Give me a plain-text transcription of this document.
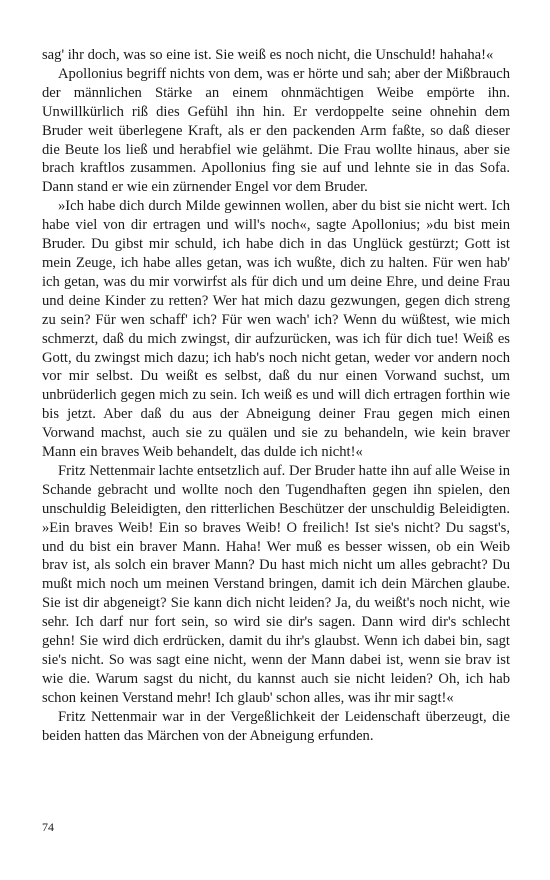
sag' ihr doch, was so eine ist. Sie weiß es noch nicht, die Unschuld! hahaha!«

Apollonius begriff nichts von dem, was er hörte und sah; aber der Mißbrauch der männlichen Stärke an einem ohnmächtigen Weibe empörte ihn. Unwillkürlich riß dies Gefühl ihn hin. Er verdoppelte seine ohnehin dem Bruder weit überlegene Kraft, als er den packenden Arm faßte, so daß dieser die Beute los ließ und herabfiel wie gelähmt. Die Frau wollte hinaus, aber sie brach kraftlos zusammen. Apollonius fing sie auf und lehnte sie in das Sofa. Dann stand er wie ein zürnender Engel vor dem Bruder.

»Ich habe dich durch Milde gewinnen wollen, aber du bist sie nicht wert. Ich habe viel von dir ertragen und will's noch«, sagte Apollonius; »du bist mein Bruder. Du gibst mir schuld, ich habe dich in das Unglück gestürzt; Gott ist mein Zeuge, ich habe alles getan, was ich wußte, dich zu halten. Für wen hab' ich getan, was du mir vorwirfst als für dich und um deine Ehre, und deine Frau und deine Kinder zu retten? Wer hat mich dazu gezwungen, gegen dich streng zu sein? Für wen schaff' ich? Für wen wach' ich? Wenn du wüßtest, wie mich schmerzt, daß du mich zwingst, dir aufzurücken, was ich für dich tue! Weiß es Gott, du zwingst mich dazu; ich hab's noch nicht getan, weder vor andern noch vor mir selbst. Du weißt es selbst, daß du nur einen Vorwand suchst, um unbrüderlich gegen mich zu sein. Ich weiß es und will dich ertragen forthin wie bis jetzt. Aber daß du aus der Abneigung deiner Frau gegen mich einen Vorwand machst, auch sie zu quälen und sie zu behandeln, wie kein braver Mann ein braves Weib behandelt, das dulde ich nicht!«

Fritz Nettenmair lachte entsetzlich auf. Der Bruder hatte ihn auf alle Weise in Schande gebracht und wollte noch den Tugendhaften gegen ihn spielen, den unschuldig Beleidigten, den ritterlichen Beschützer der unschuldig Beleidigten. »Ein braves Weib! Ein so braves Weib! O freilich! Ist sie's nicht? Du sagst's, und du bist ein braver Mann. Haha! Wer muß es besser wissen, ob ein Weib brav ist, als solch ein braver Mann? Du hast mich nicht um alles gebracht? Du mußt mich noch um meinen Verstand bringen, damit ich dein Märchen glaube. Sie ist dir abgeneigt? Sie kann dich nicht leiden? Ja, du weißt's noch nicht, wie sehr. Ich darf nur fort sein, so wird sie dir's sagen. Dann wird dir's schlecht gehn! Sie wird dich erdrücken, damit du ihr's glaubst. Wenn ich dabei bin, sagt sie's nicht. So was sagt eine nicht, wenn der Mann dabei ist, wenn sie brav ist wie die. Warum sagst du nicht, du kannst auch sie nicht leiden? Oh, ich hab schon keinen Verstand mehr! Ich glaub' schon alles, was ihr mir sagt!«

Fritz Nettenmair war in der Vergeßlichkeit der Leidenschaft überzeugt, die beiden hatten das Märchen von der Abneigung erfunden.

74
